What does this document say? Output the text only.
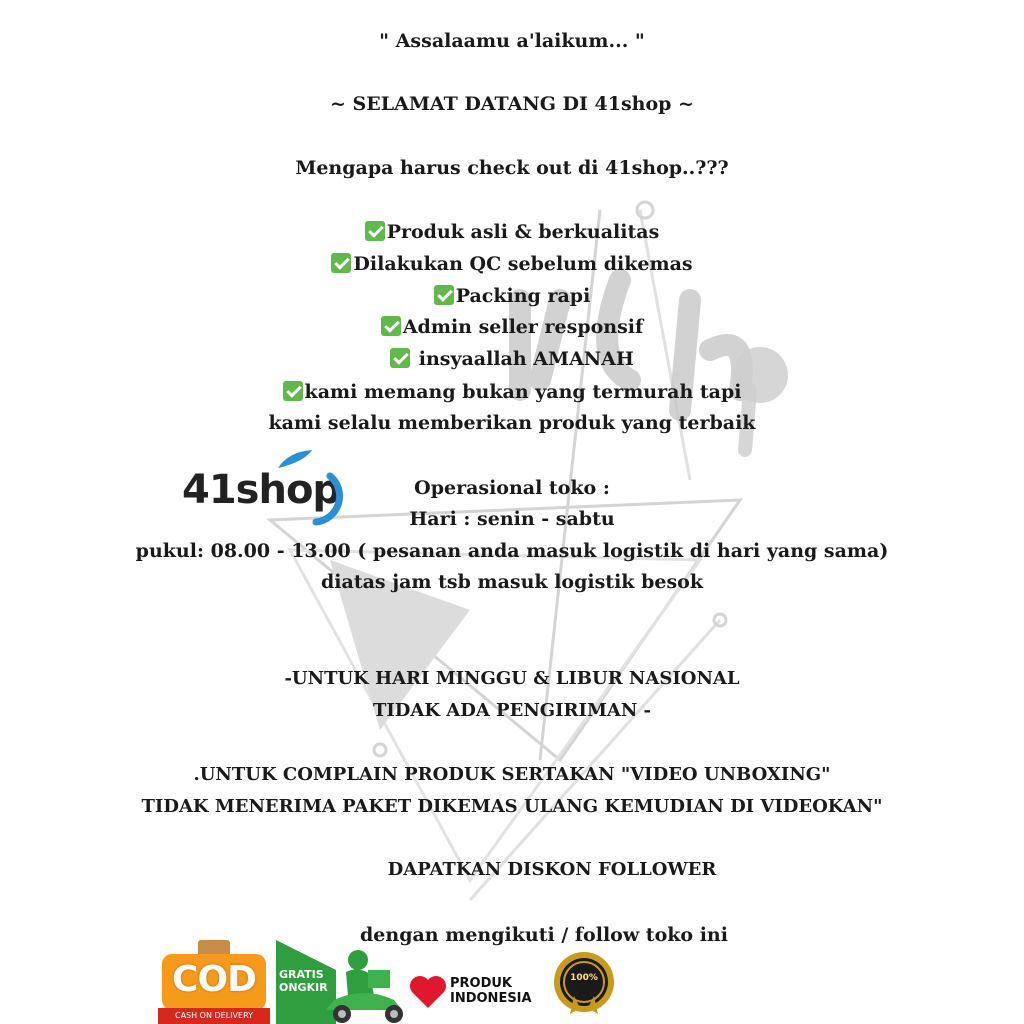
" Assalaamu a'laikum... "
~ SELAMAT DATANG DI 41shop ~
Mengapa harus check out di 41shop..???
Produk asli & berkualitas
Dilakukan QC sebelum dikemas
Packing rapi
Admin seller responsif
insyaallah AMANAH
kami memang bukan yang termurah tapi
kami selalu memberikan produk yang terbaik
41shop	Operasional toko :
Hari : senin - sabtu
pukul: 08.00 - 13.00 ( pesanan anda masuk logistik di hari yang sama)
diatas jam tsb masuk logistik besok
-UNTUK HARI MINGGU & LIBUR NASIONAL
TIDAK ADA PENGIRIMAN -
.UNTUK COMPLAIN PRODUK SERTAKAN "VIDEO UNBOXING"
TIDAK MENERIMA PAKET DIKEMAS ULANG KEMUDIAN DI VIDEOKAN"
DAPATKAN DISKON FOLLOWER
dengan mengikuti / follow toko ini
COD
CASH ON DELIVERY
GRATIS
ONGKIR	PRODUK
INDONESIA
100%
